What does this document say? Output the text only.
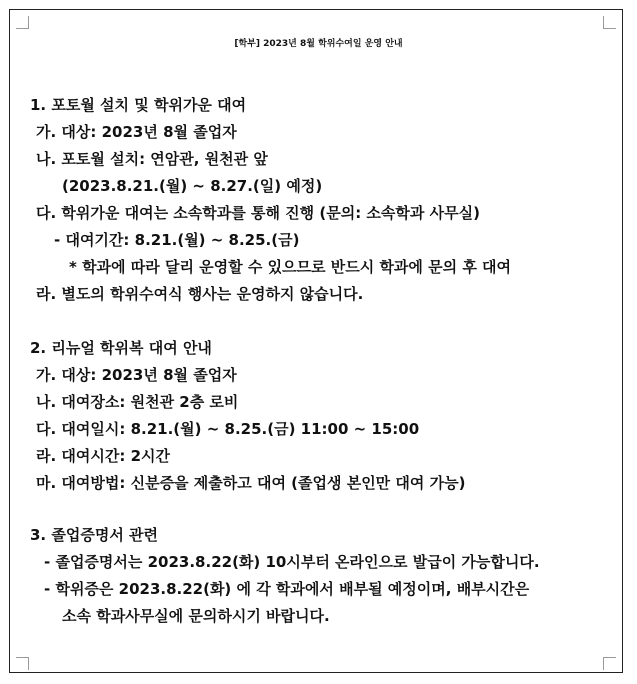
[학부] 2023년 8월 학위수여일 운영 안내
1. 포토월 설치 및 학위가운 대여
가. 대상: 2023년 8월 졸업자
나. 포토월 설치: 연암관, 원천관 앞
(2023.8.21.(월) ~ 8.27.(일) 예정)
다. 학위가운 대여는 소속학과를 통해 진행 (문의: 소속학과 사무실)
- 대여기간: 8.21.(월) ~ 8.25.(금)
* 학과에 따라 달리 운영할 수 있으므로 반드시 학과에 문의 후 대여
라. 별도의 학위수여식 행사는 운영하지 않습니다.
2. 리뉴얼 학위복 대여 안내
가. 대상: 2023년 8월 졸업자
나. 대여장소: 원천관 2층 로비
다. 대여일시: 8.21.(월) ~ 8.25.(금) 11:00 ~ 15:00
라. 대여시간: 2시간
마. 대여방법: 신분증을 제출하고 대여 (졸업생 본인만 대여 가능)
3. 졸업증명서 관련
- 졸업증명서는 2023.8.22(화) 10시부터 온라인으로 발급이 가능합니다.
- 학위증은 2023.8.22(화) 에 각 학과에서 배부될 예정이며, 배부시간은
소속 학과사무실에 문의하시기 바랍니다.
